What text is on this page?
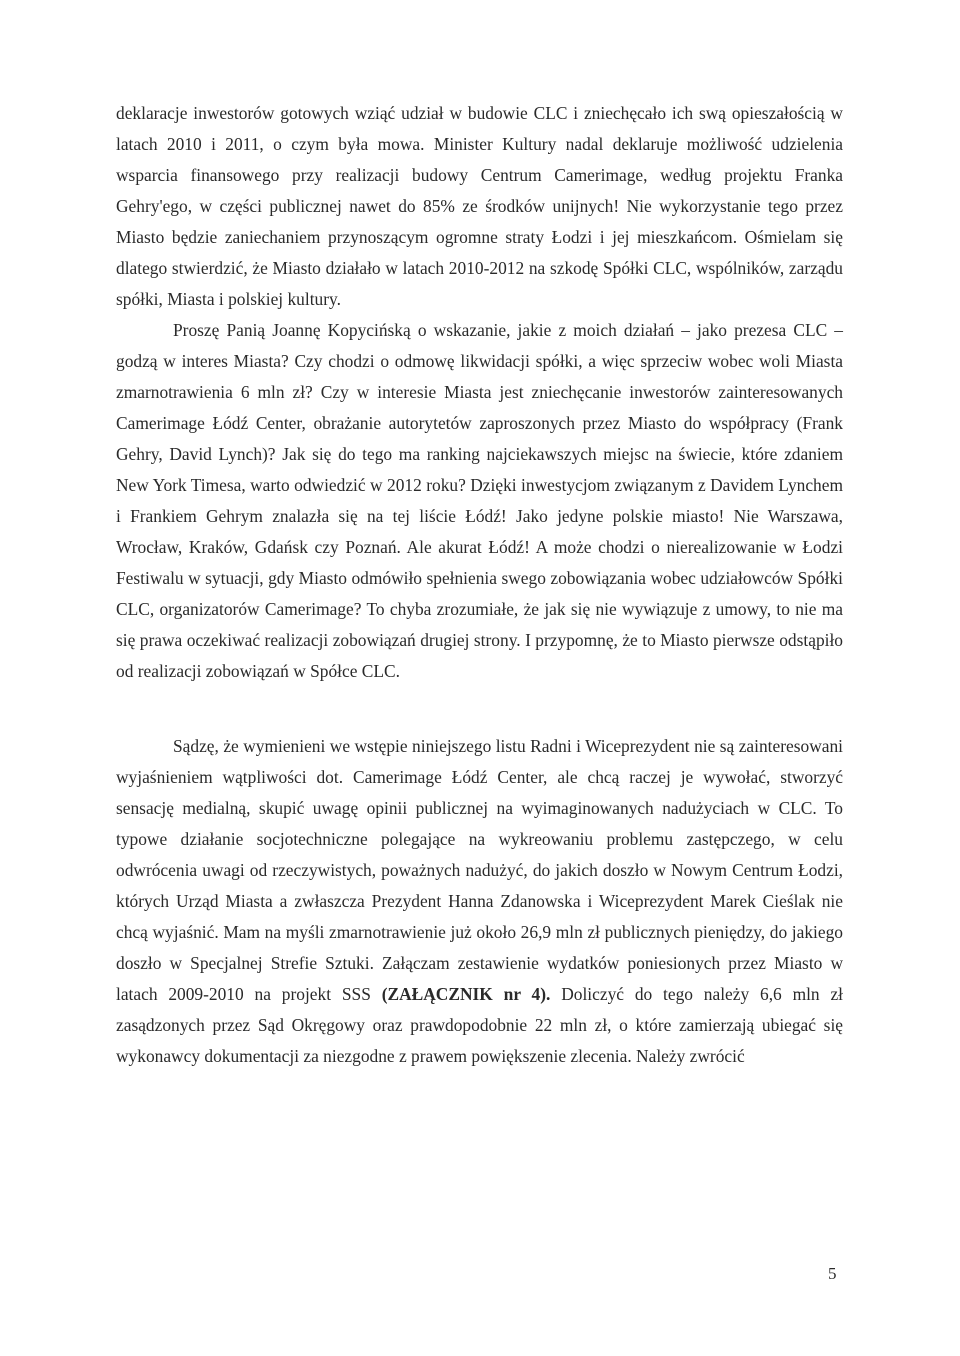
deklaracje inwestorów gotowych wziąć udział w budowie CLC i zniechęcało ich swą opieszałością w latach 2010 i 2011, o czym była mowa. Minister Kultury nadal deklaruje możliwość udzielenia wsparcia finansowego przy realizacji budowy Centrum Camerimage, według projektu Franka Gehry'ego, w części publicznej nawet do 85% ze środków unijnych! Nie wykorzystanie tego przez Miasto będzie zaniechaniem przynoszącym ogromne straty Łodzi i jej mieszkańcom. Ośmielam się dlatego stwierdzić, że Miasto działało w latach 2010-2012 na szkodę Spółki CLC, wspólników, zarządu spółki, Miasta i polskiej kultury.

Proszę Panią Joannę Kopycińską o wskazanie, jakie z moich działań – jako prezesa CLC – godzą w interes Miasta? Czy chodzi o odmowę likwidacji spółki, a więc sprzeciw wobec woli Miasta zmarnotrawienia 6 mln zł? Czy w interesie Miasta jest zniechęcanie inwestorów zainteresowanych Camerimage Łódź Center, obrażanie autorytetów zaproszonych przez Miasto do współpracy (Frank Gehry, David Lynch)? Jak się do tego ma ranking najciekawszych miejsc na świecie, które zdaniem New York Timesa, warto odwiedzić w 2012 roku? Dzięki inwestycjom związanym z Davidem Lynchem i Frankiem Gehrym znalazła się na tej liście Łódź! Jako jedyne polskie miasto! Nie Warszawa, Wrocław, Kraków, Gdańsk czy Poznań. Ale akurat Łódź! A może chodzi o nierealizowanie w Łodzi Festiwalu w sytuacji, gdy Miasto odmówiło spełnienia swego zobowiązania wobec udziałowców Spółki CLC, organizatorów Camerimage? To chyba zrozumiałe, że jak się nie wywiązuje z umowy, to nie ma się prawa oczekiwać realizacji zobowiązań drugiej strony. I przypomnę, że to Miasto pierwsze odstąpiło od realizacji zobowiązań w Spółce CLC.

Sądzę, że wymienieni we wstępie niniejszego listu Radni i Wiceprezydent nie są zainteresowani wyjaśnieniem wątpliwości dot. Camerimage Łódź Center, ale chcą raczej je wywołać, stworzyć sensację medialną, skupić uwagę opinii publicznej na wyimaginowanych nadużyciach w CLC. To typowe działanie socjotechniczne polegające na wykreowaniu problemu zastępczego, w celu odwrócenia uwagi od rzeczywistych, poważnych nadużyć, do jakich doszło w Nowym Centrum Łodzi, których Urząd Miasta a zwłaszcza Prezydent Hanna Zdanowska i Wiceprezydent Marek Cieślak nie chcą wyjaśnić. Mam na myśli zmarnotrawienie już około 26,9 mln zł publicznych pieniędzy, do jakiego doszło w Specjalnej Strefie Sztuki. Załączam zestawienie wydatków poniesionych przez Miasto w latach 2009-2010 na projekt SSS (ZAŁĄCZNIK nr 4). Doliczyć do tego należy 6,6 mln zł zasądzonych przez Sąd Okręgowy oraz prawdopodobnie 22 mln zł, o które zamierzają ubiegać się wykonawcy dokumentacji za niezgodne z prawem powiększenie zlecenia. Należy zwrócić

5
